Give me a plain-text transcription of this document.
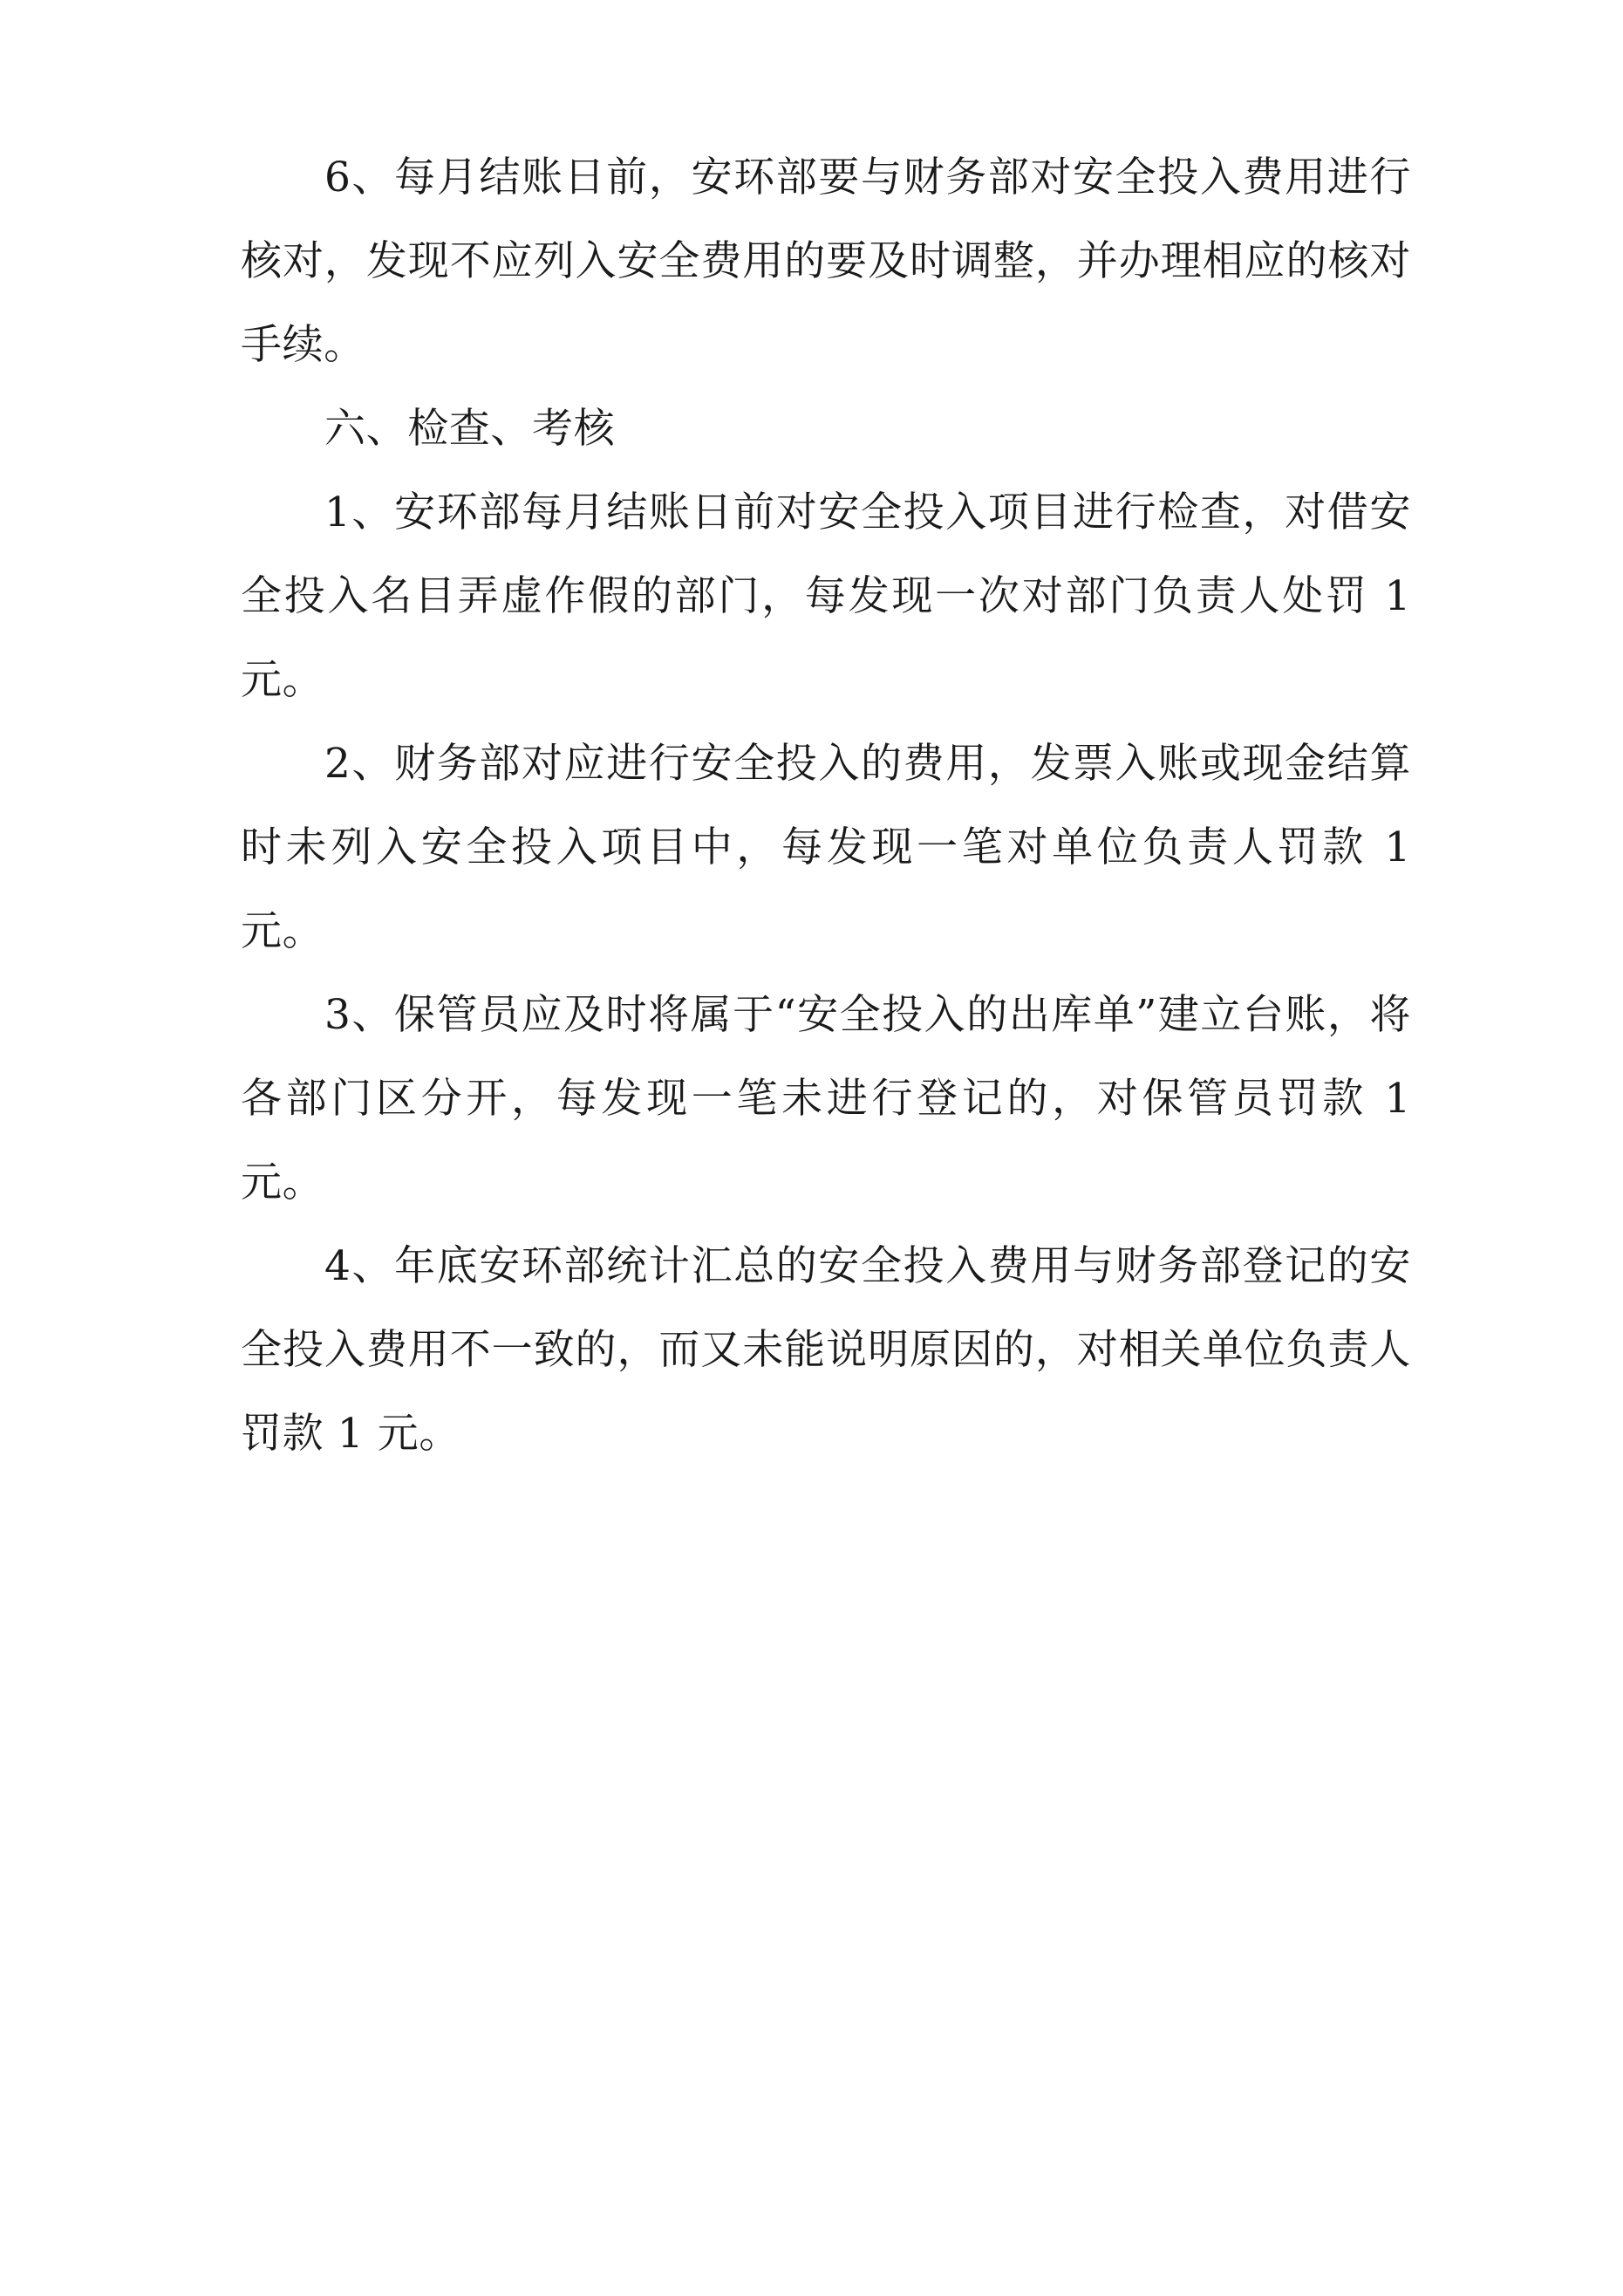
6、每月结账日前，安环部要与财务部对安全投入费用进行核对，发现不应列入安全费用的要及时调整，并办理相应的核对手续。

六、检查、考核

1、安环部每月结账日前对安全投入项目进行检查，对借安全投入名目弄虚作假的部门，每发现一次对部门负责人处罚 1 元。

2、财务部对应进行安全投入的费用，发票入账或现金结算时未列入安全投入项目中，每发现一笔对单位负责人罚款 1 元。

3、保管员应及时将属于“安全投入的出库单”建立台账，将各部门区分开，每发现一笔未进行登记的，对保管员罚款 1 元。

4、年底安环部统计汇总的安全投入费用与财务部登记的安全投入费用不一致的，而又未能说明原因的，对相关单位负责人罚款 1 元。
